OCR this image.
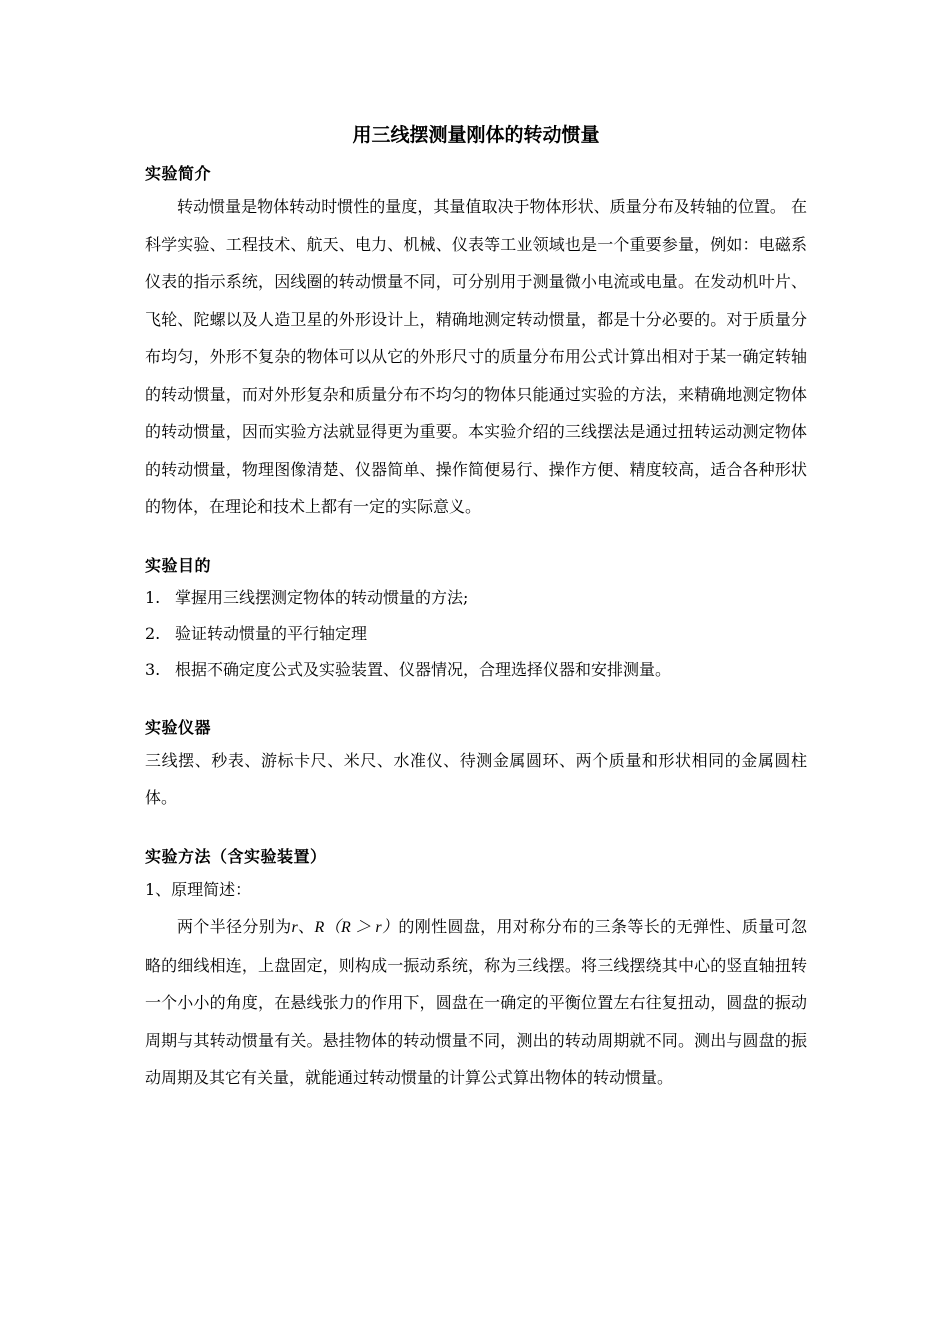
用三线摆测量刚体的转动惯量
实验简介

转动惯量是物体转动时惯性的量度，其量值取决于物体形状、质量分布及转轴的位置。 在科学实验、工程技术、航天、电力、机械、仪表等工业领域也是一个重要参量，例如：电磁系仪表的指示系统，因线圈的转动惯量不同，可分别用于测量微小电流或电量。在发动机叶片、飞轮、陀螺以及人造卫星的外形设计上，精确地测定转动惯量，都是十分必要的。对于质量分布均匀，外形不复杂的物体可以从它的外形尺寸的质量分布用公式计算出相对于某一确定转轴的转动惯量，而对外形复杂和质量分布不均匀的物体只能通过实验的方法，来精确地测定物体的转动惯量，因而实验方法就显得更为重要。本实验介绍的三线摆法是通过扭转运动测定物体的转动惯量，物理图像清楚、仪器简单、操作简便易行、操作方便、精度较高，适合各种形状的物体，在理论和技术上都有一定的实际意义。

实验目的
1. 掌握用三线摆测定物体的转动惯量的方法;
2. 验证转动惯量的平行轴定理
3. 根据不确定度公式及实验装置、仪器情况，合理选择仪器和安排测量。
实验仪器

三线摆、秒表、游标卡尺、米尺、水准仪、待测金属圆环、两个质量和形状相同的金属圆柱体。

实验方法（含实验装置）

1、原理简述：

两个半径分别为r、R（R ＞ r）的刚性圆盘，用对称分布的三条等长的无弹性、质量可忽略的细线相连，上盘固定，则构成一振动系统，称为三线摆。将三线摆绕其中心的竖直轴扭转一个小小的角度，在悬线张力的作用下，圆盘在一确定的平衡位置左右往复扭动，圆盘的振动周期与其转动惯量有关。悬挂物体的转动惯量不同，测出的转动周期就不同。测出与圆盘的振动周期及其它有关量，就能通过转动惯量的计算公式算出物体的转动惯量。
